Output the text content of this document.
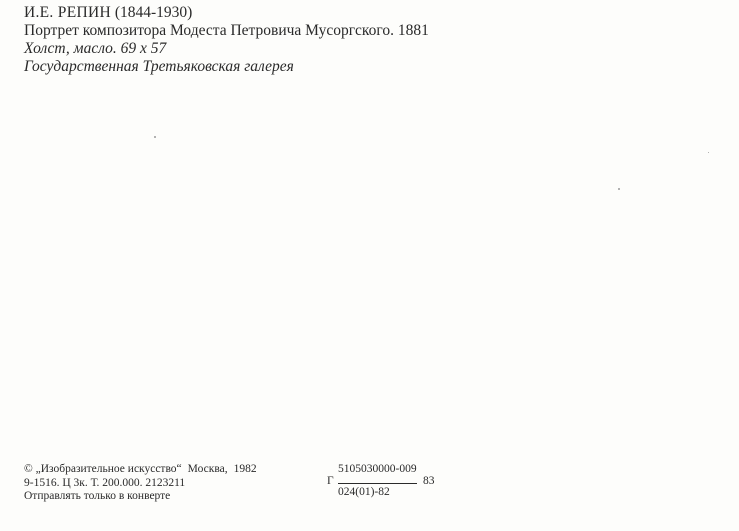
И.Е. РЕПИН (1844-1930)
Портрет композитора Модеста Петровича Мусоргского. 1881
Холст, масло. 69 х 57
Государственная Третьяковская галерея
© „Изобразительное искусство“ Москва, 1982
9-1516. Ц 3к. Т. 200.000. 2123211
Отправлять только в конверте
5105030000-009
Г
024(01)-82
83
